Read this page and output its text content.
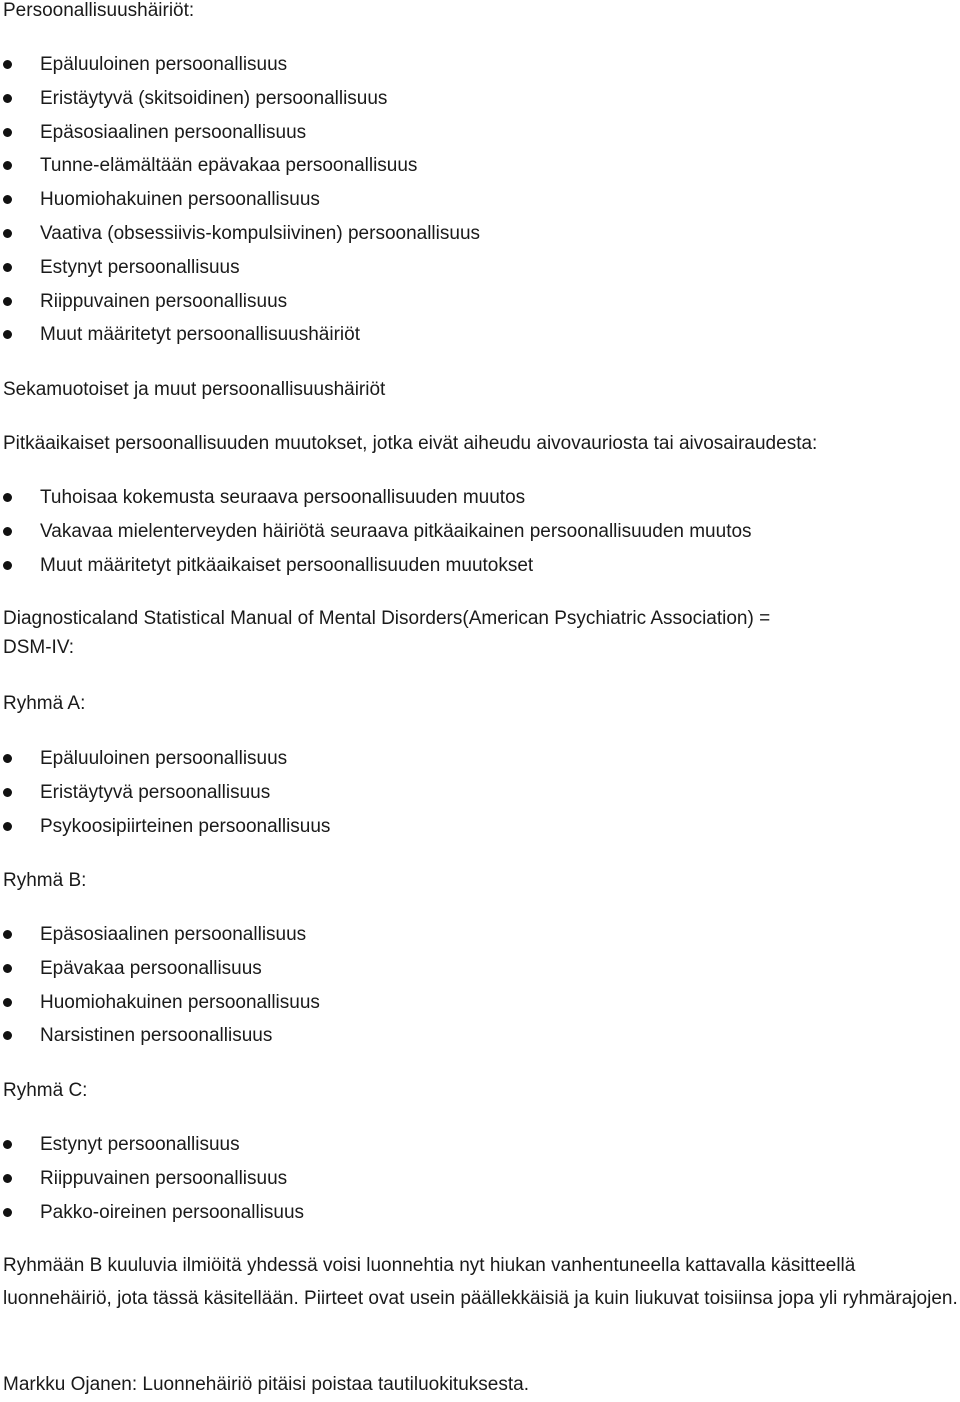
Persoonallisuushäiriöt:

Epäluuloinen persoonallisuus
Eristäytyvä (skitsoidinen) persoonallisuus
Epäsosiaalinen persoonallisuus
Tunne-elämältään epävakaa persoonallisuus
Huomiohakuinen persoonallisuus
Vaativa (obsessiivis-kompulsiivinen) persoonallisuus
Estynyt persoonallisuus
Riippuvainen persoonallisuus
Muut määritetyt persoonallisuushäiriöt

Sekamuotoiset ja muut persoonallisuushäiriöt

Pitkäaikaiset persoonallisuuden muutokset, jotka eivät aiheudu aivovauriosta tai aivosairaudesta:

Tuhoisaa kokemusta seuraava persoonallisuuden muutos
Vakavaa mielenterveyden häiriötä seuraava pitkäaikainen persoonallisuuden muutos
Muut määritetyt pitkäaikaiset persoonallisuuden muutokset

Diagnosticaland Statistical Manual of Mental Disorders(American Psychiatric Association) =

DSM-IV:

Ryhmä A:

Epäluuloinen persoonallisuus
Eristäytyvä persoonallisuus
Psykoosipiirteinen persoonallisuus

Ryhmä B:

Epäsosiaalinen persoonallisuus
Epävakaa persoonallisuus
Huomiohakuinen persoonallisuus
Narsistinen persoonallisuus

Ryhmä C:

Estynyt persoonallisuus
Riippuvainen persoonallisuus
Pakko-oireinen persoonallisuus

Ryhmään B kuuluvia ilmiöitä yhdessä voisi luonnehtia nyt hiukan vanhentuneella kattavalla käsitteellä luonnehäiriö, jota tässä käsitellään. Piirteet ovat usein päällekkäisiä ja kuin liukuvat toisiinsa jopa yli ryhmärajojen.

Markku Ojanen: Luonnehäiriö pitäisi poistaa tautiluokituksesta.
